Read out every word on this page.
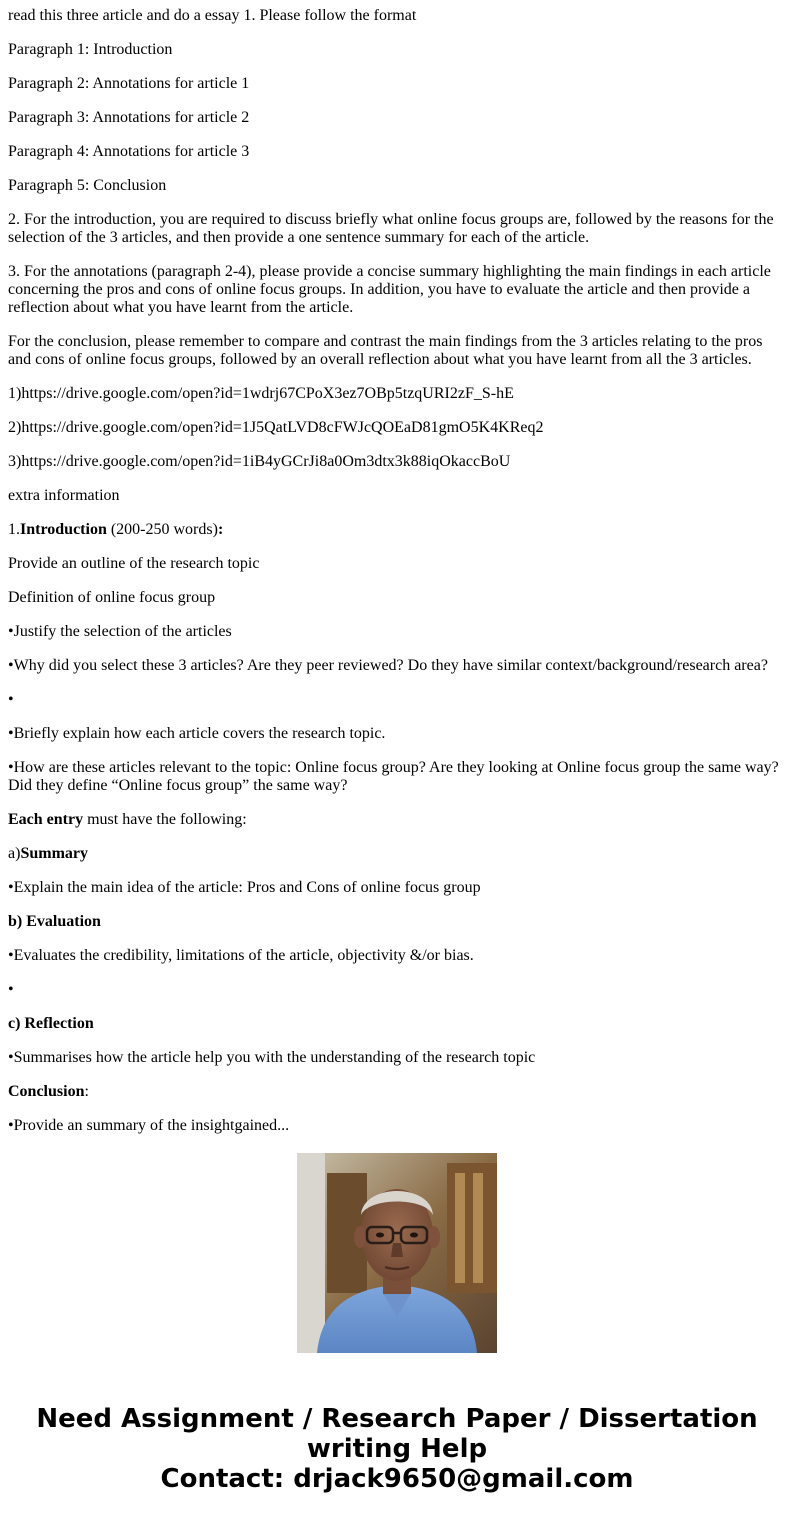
read this three article and do a essay 1. Please follow the format

Paragraph 1: Introduction

Paragraph 2: Annotations for article 1

Paragraph 3: Annotations for article 2

Paragraph 4: Annotations for article 3

Paragraph 5: Conclusion

2. For the introduction, you are required to discuss briefly what online focus groups are, followed by the reasons for the selection of the 3 articles, and then provide a one sentence summary for each of the article.

3. For the annotations (paragraph 2-4), please provide a concise summary highlighting the main findings in each article concerning the pros and cons of online focus groups. In addition, you have to evaluate the article and then provide a reflection about what you have learnt from the article.

For the conclusion, please remember to compare and contrast the main findings from the 3 articles relating to the pros and cons of online focus groups, followed by an overall reflection about what you have learnt from all the 3 articles.

1)https://drive.google.com/open?id=1wdrj67CPoX3ez7OBp5tzqURI2zF_S-hE

2)https://drive.google.com/open?id=1J5QatLVD8cFWJcQOEaD81gmO5K4KReq2

3)https://drive.google.com/open?id=1iB4yGCrJi8a0Om3dtx3k88iqOkaccBoU

extra information

1.Introduction (200-250 words):

Provide an outline of the research topic

Definition of online focus group

•Justify the selection of the articles

•Why did you select these 3 articles? Are they peer reviewed? Do they have similar context/background/research area?

•

•Briefly explain how each article covers the research topic.

•How are these articles relevant to the topic: Online focus group? Are they looking at Online focus group the same way? Did they define “Online focus group” the same way?

Each entry must have the following:

a)Summary

•Explain the main idea of the article: Pros and Cons of online focus group

b) Evaluation

•Evaluates the credibility, limitations of the article, objectivity &/or bias.

•

c) Reflection

•Summarises how the article help you with the understanding of the research topic

Conclusion:

•Provide an summary of the insightgained...

Need Assignment / Research Paper / Dissertation
writing Help
Contact: drjack9650@gmail.com
